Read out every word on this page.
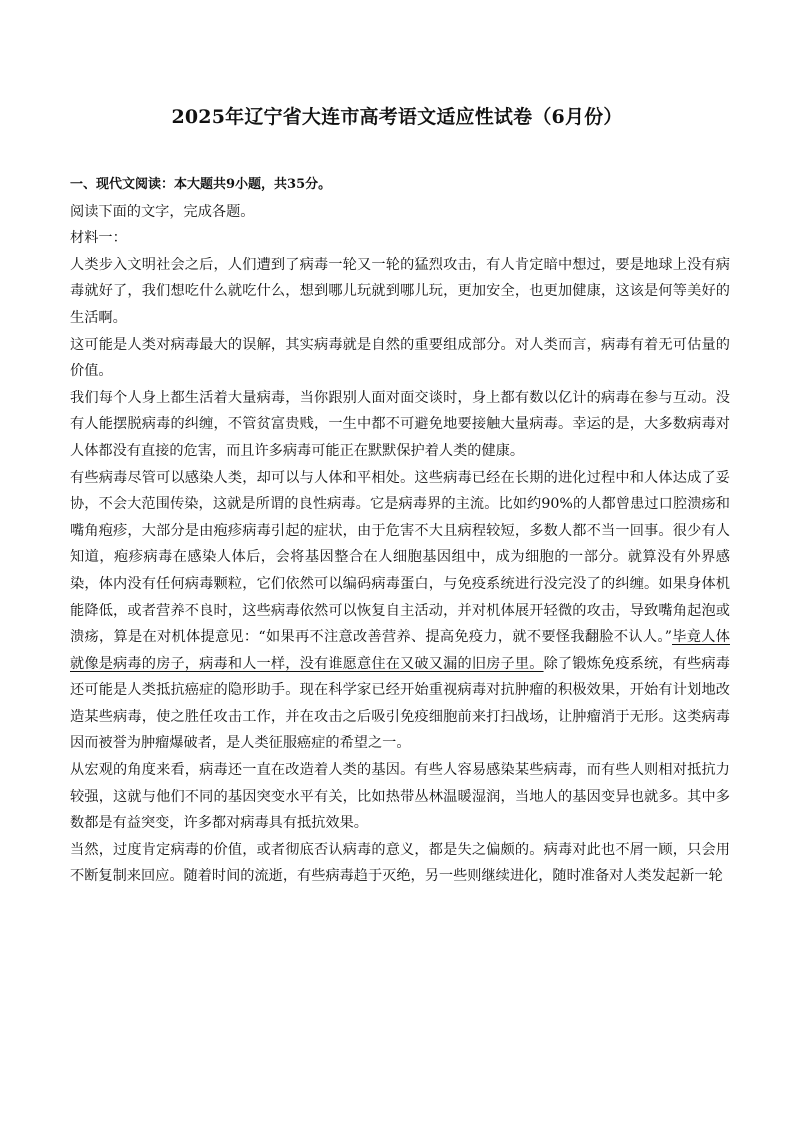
2025年辽宁省大连市高考语文适应性试卷（6月份）

一、现代文阅读：本大题共9小题，共35分。

阅读下面的文字，完成各题。

材料一：

人类步入文明社会之后，人们遭到了病毒一轮又一轮的猛烈攻击，有人肯定暗中想过，要是地球上没有病毒就好了，我们想吃什么就吃什么，想到哪儿玩就到哪儿玩，更加安全，也更加健康，这该是何等美好的生活啊。

这可能是人类对病毒最大的误解，其实病毒就是自然的重要组成部分。对人类而言，病毒有着无可估量的价值。

我们每个人身上都生活着大量病毒，当你跟别人面对面交谈时，身上都有数以亿计的病毒在参与互动。没有人能摆脱病毒的纠缠，不管贫富贵贱，一生中都不可避免地要接触大量病毒。幸运的是，大多数病毒对人体都没有直接的危害，而且许多病毒可能正在默默保护着人类的健康。

有些病毒尽管可以感染人类，却可以与人体和平相处。这些病毒已经在长期的进化过程中和人体达成了妥协，不会大范围传染，这就是所谓的良性病毒。它是病毒界的主流。比如约90%的人都曾患过口腔溃疡和嘴角疱疹，大部分是由疱疹病毒引起的症状，由于危害不大且病程较短，多数人都不当一回事。很少有人知道，疱疹病毒在感染人体后，会将基因整合在人细胞基因组中，成为细胞的一部分。就算没有外界感染，体内没有任何病毒颗粒，它们依然可以编码病毒蛋白，与免疫系统进行没完没了的纠缠。如果身体机能降低，或者营养不良时，这些病毒依然可以恢复自主活动，并对机体展开轻微的攻击，导致嘴角起泡或溃疡，算是在对机体提意见：“如果再不注意改善营养、提高免疫力，就不要怪我翻脸不认人。”毕竟人体就像是病毒的房子，病毒和人一样，没有谁愿意住在又破又漏的旧房子里。除了锻炼免疫系统，有些病毒还可能是人类抵抗癌症的隐形助手。现在科学家已经开始重视病毒对抗肿瘤的积极效果，开始有计划地改造某些病毒，使之胜任攻击工作，并在攻击之后吸引免疫细胞前来打扫战场，让肿瘤消于无形。这类病毒因而被誉为肿瘤爆破者，是人类征服癌症的希望之一。

从宏观的角度来看，病毒还一直在改造着人类的基因。有些人容易感染某些病毒，而有些人则相对抵抗力较强，这就与他们不同的基因突变水平有关，比如热带丛林温暖湿润，当地人的基因变异也就多。其中多数都是有益突变，许多都对病毒具有抵抗效果。

当然，过度肯定病毒的价值，或者彻底否认病毒的意义，都是失之偏颇的。病毒对此也不屑一顾，只会用不断复制来回应。随着时间的流逝，有些病毒趋于灭绝，另一些则继续进化，随时准备对人类发起新一轮
